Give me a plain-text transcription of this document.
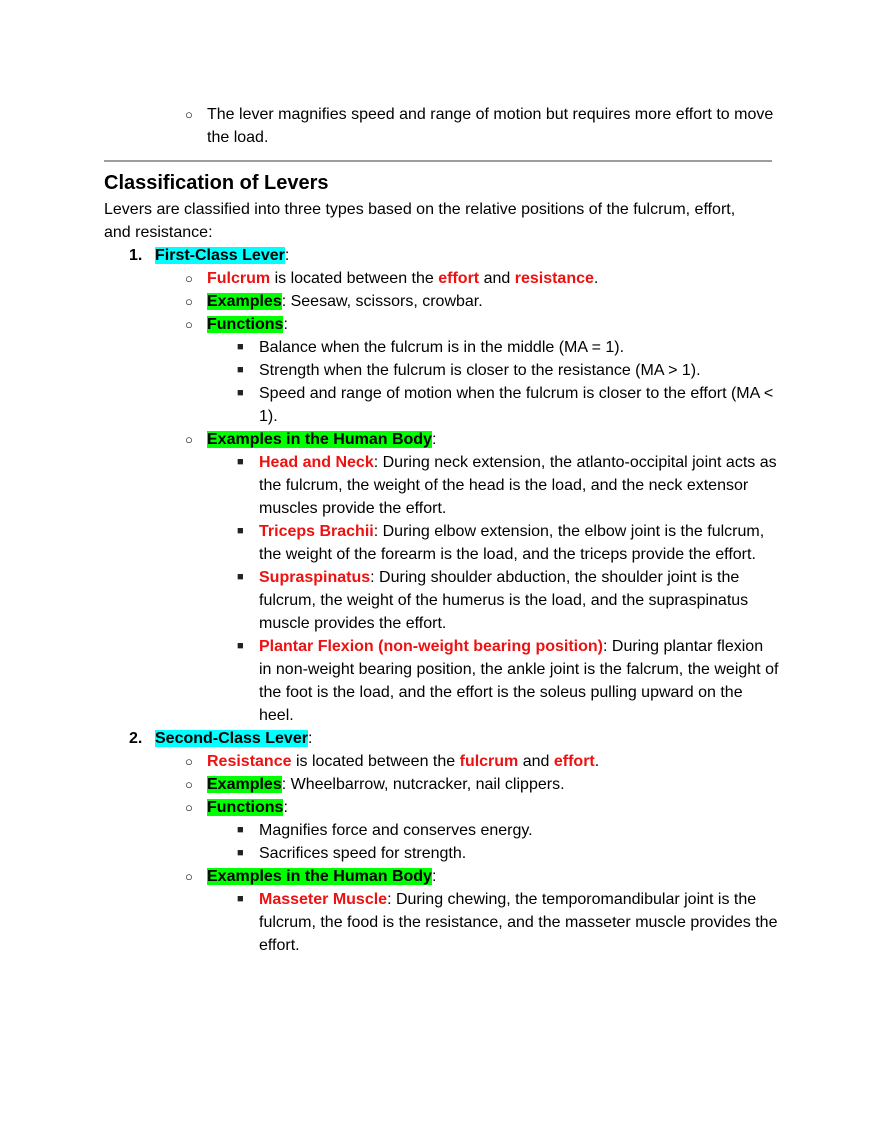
○ The lever magnifies speed and range of motion but requires more effort to move the load.
Classification of Levers

Levers are classified into three types based on the relative positions of the fulcrum, effort, and resistance:

1. First-Class Lever:
○ Fulcrum is located between the effort and resistance.
○ Examples: Seesaw, scissors, crowbar.
○ Functions:
■ Balance when the fulcrum is in the middle (MA = 1).
■ Strength when the fulcrum is closer to the resistance (MA > 1).
■ Speed and range of motion when the fulcrum is closer to the effort (MA < 1).
○ Examples in the Human Body:
■ Head and Neck: During neck extension, the atlanto-occipital joint acts as the fulcrum, the weight of the head is the load, and the neck extensor muscles provide the effort.
■ Triceps Brachii: During elbow extension, the elbow joint is the fulcrum, the weight of the forearm is the load, and the triceps provide the effort.
■ Supraspinatus: During shoulder abduction, the shoulder joint is the fulcrum, the weight of the humerus is the load, and the supraspinatus muscle provides the effort.
■ Plantar Flexion (non-weight bearing position): During plantar flexion in non-weight bearing position, the ankle joint is the falcrum, the weight of the foot is the load, and the effort is the soleus pulling upward on the heel.
2. Second-Class Lever:
○ Resistance is located between the fulcrum and effort.
○ Examples: Wheelbarrow, nutcracker, nail clippers.
○ Functions:
■ Magnifies force and conserves energy.
■ Sacrifices speed for strength.
○ Examples in the Human Body:
■ Masseter Muscle: During chewing, the temporomandibular joint is the fulcrum, the food is the resistance, and the masseter muscle provides the effort.
